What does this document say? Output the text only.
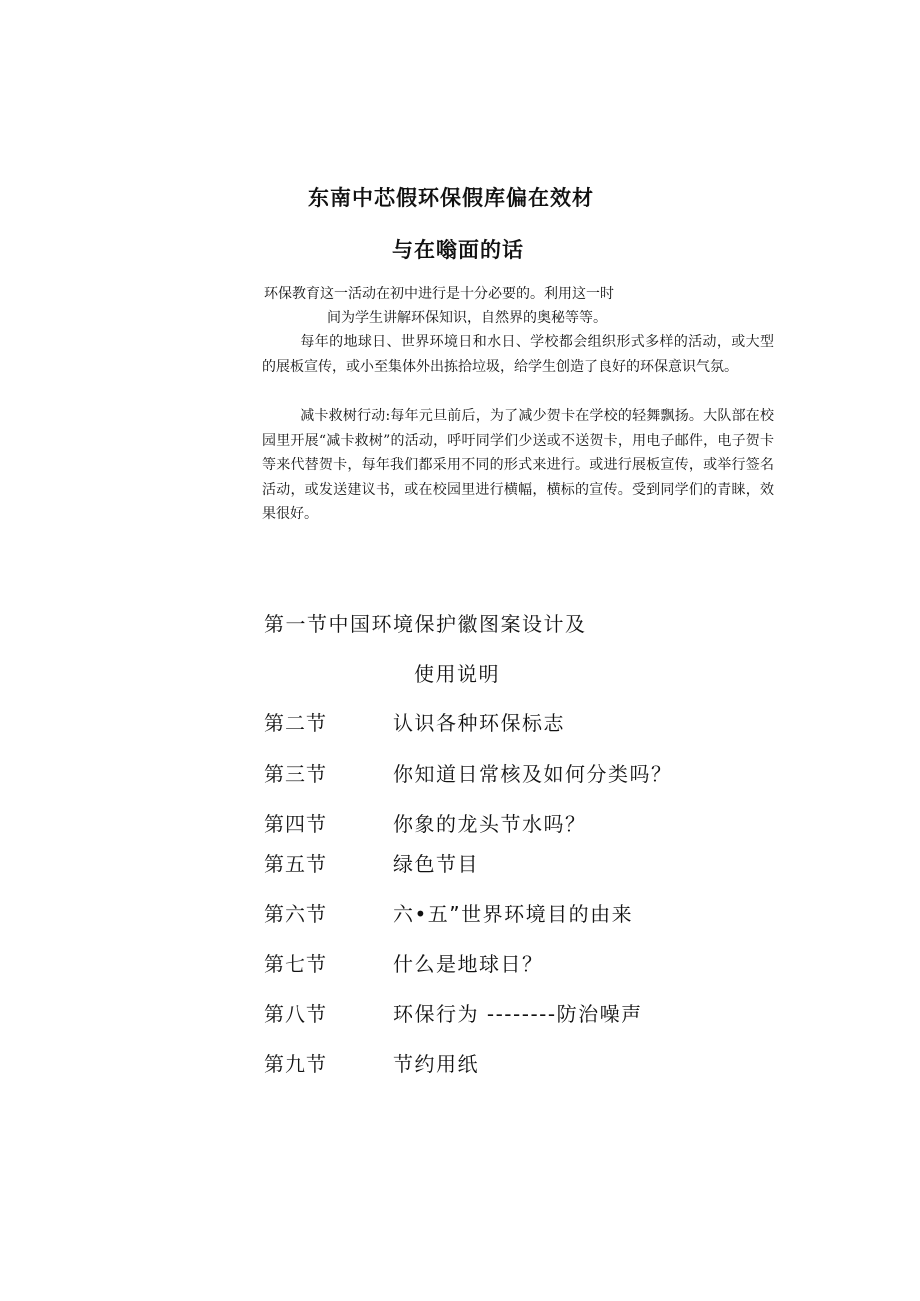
东南中芯假环保假库偏在效材
与在嗡面的话
环保教育这一活动在初中进行是十分必要的。利用这一时
间为学生讲解环保知识，自然界的奥秘等等。
每年的地球日、世界环境日和水日、学校都会组织形式多样的活动，或大型的展板宣传，或小至集体外出拣拾垃圾，给学生创造了良好的环保意识气氛。
减卡救树行动:每年元旦前后，为了减少贺卡在学校的轻舞飘扬。大队部在校园里开展“减卡救树”的活动，呼吁同学们少送或不送贺卡，用电子邮件，电子贺卡等来代替贺卡，每年我们都采用不同的形式来进行。或进行展板宣传，或举行签名活动，或发送建议书，或在校园里进行横幅，横标的宣传。受到同学们的青睐，效果很好。
第一节中国环境保护徽图案设计及
使用说明
第二节	认识各种环保标志
第三节	你知道日常核及如何分类吗？
第四节	你象的龙头节水吗？
第五节	绿色节目
第六节	六•五”世界环境目的由来
第七节	什么是地球日？
第八节	环保行为 --------防治噪声
第九节	节约用纸
